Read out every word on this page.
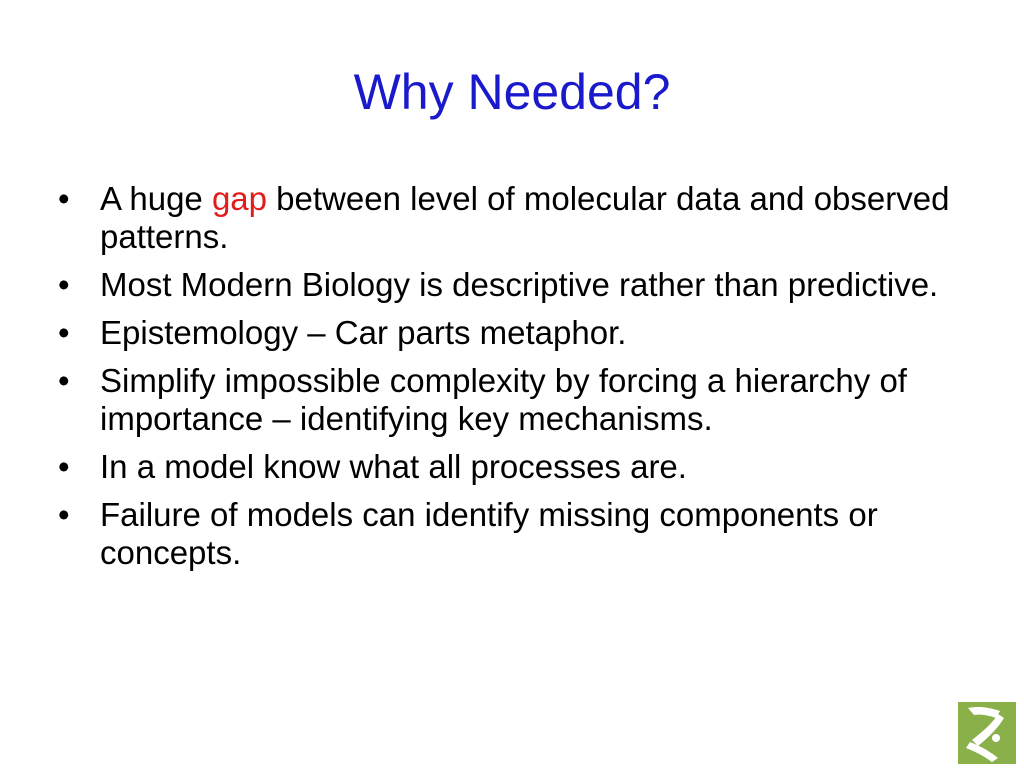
Why Needed?
• A huge gap between level of molecular data and observed patterns.
• Most Modern Biology is descriptive rather than predictive.
• Epistemology – Car parts metaphor.
• Simplify impossible complexity by forcing a hierarchy of importance – identifying key mechanisms.
• In a model know what all processes are.
• Failure of models can identify missing components or concepts.
